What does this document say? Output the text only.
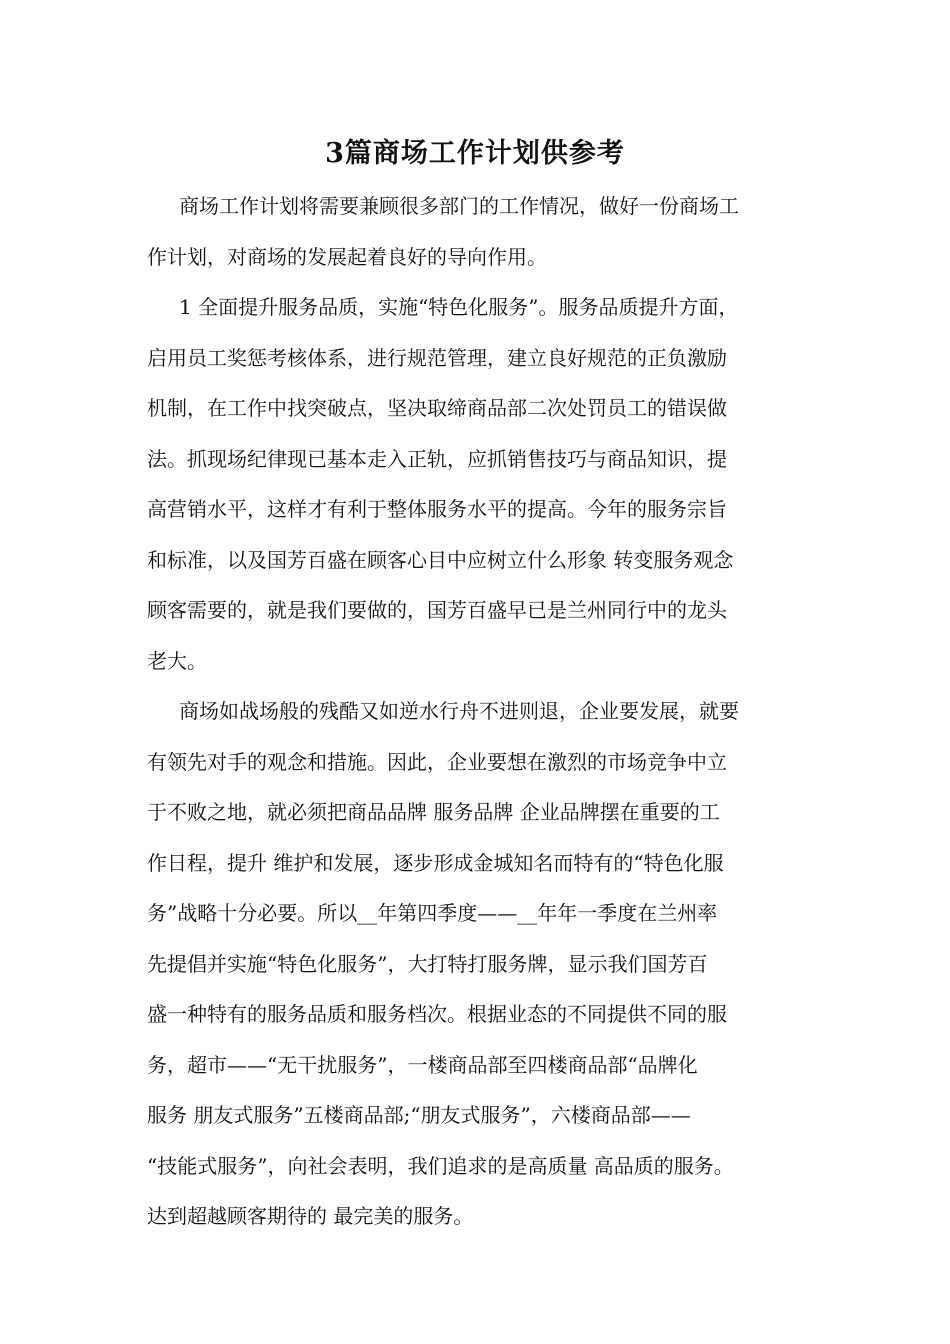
3篇商场工作计划供参考
商场工作计划将需要兼顾很多部门的工作情况，做好一份商场工
作计划，对商场的发展起着良好的导向作用。
1 全面提升服务品质，实施“特色化服务”。服务品质提升方面，
启用员工奖惩考核体系，进行规范管理，建立良好规范的正负激励
机制，在工作中找突破点，坚决取缔商品部二次处罚员工的错误做
法。抓现场纪律现已基本走入正轨，应抓销售技巧与商品知识，提
高营销水平，这样才有利于整体服务水平的提高。今年的服务宗旨
和标准，以及国芳百盛在顾客心目中应树立什么形象 转变服务观念
顾客需要的，就是我们要做的，国芳百盛早已是兰州同行中的龙头
老大。
商场如战场般的残酷又如逆水行舟不进则退，企业要发展，就要
有领先对手的观念和措施。因此，企业要想在激烈的市场竞争中立
于不败之地，就必须把商品品牌 服务品牌 企业品牌摆在重要的工
作日程，提升 维护和发展，逐步形成金城知名而特有的“特色化服
务”战略十分必要。所以__年第四季度——__年年一季度在兰州率
先提倡并实施“特色化服务”，大打特打服务牌，显示我们国芳百
盛一种特有的服务品质和服务档次。根据业态的不同提供不同的服
务，超市——“无干扰服务”，一楼商品部至四楼商品部“品牌化
服务 朋友式服务”五楼商品部;“朋友式服务”，六楼商品部——
“技能式服务”，向社会表明，我们追求的是高质量 高品质的服务。
达到超越顾客期待的 最完美的服务。
